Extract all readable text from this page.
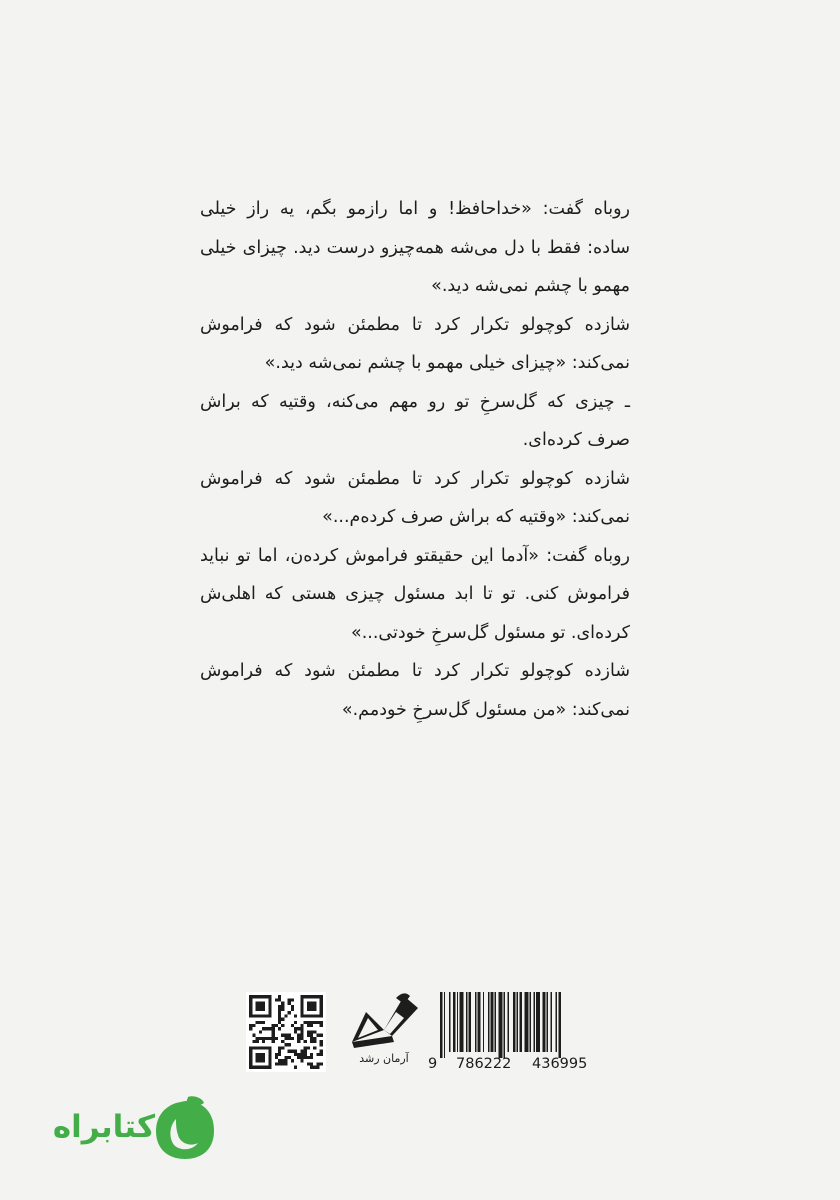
روباه گفت: «خداحافظ! و اما رازمو بگم، یه راز خیلی ساده: فقط با دل می‌شه همه‌چیزو درست دید. چیزای خیلی مهمو با چشم نمی‌شه دید.»

شازده کوچولو تکرار کرد تا مطمئن شود که فراموش نمی‌کند: «چیزای خیلی مهمو با چشم نمی‌شه دید.»

ـ چیزی که گل‌سرخِ تو رو مهم می‌کنه، وقتیه که براش صرف کرده‌ای.

شازده کوچولو تکرار کرد تا مطمئن شود که فراموش نمی‌کند: «وقتیه که براش صرف کرده‌م...»

روباه گفت: «آدما این حقیقتو فراموش کرده‌ن، اما تو نباید فراموش کنی. تو تا ابد مسئول چیزی هستی که اهلی‌ش کرده‌ای. تو مسئول گل‌سرخِ خودتی...»

شازده کوچولو تکرار کرد تا مطمئن شود که فراموش نمی‌کند: «من مسئول گل‌سرخِ خودمم.»

آرمان رشد	9 786222 436995
کتابراه
